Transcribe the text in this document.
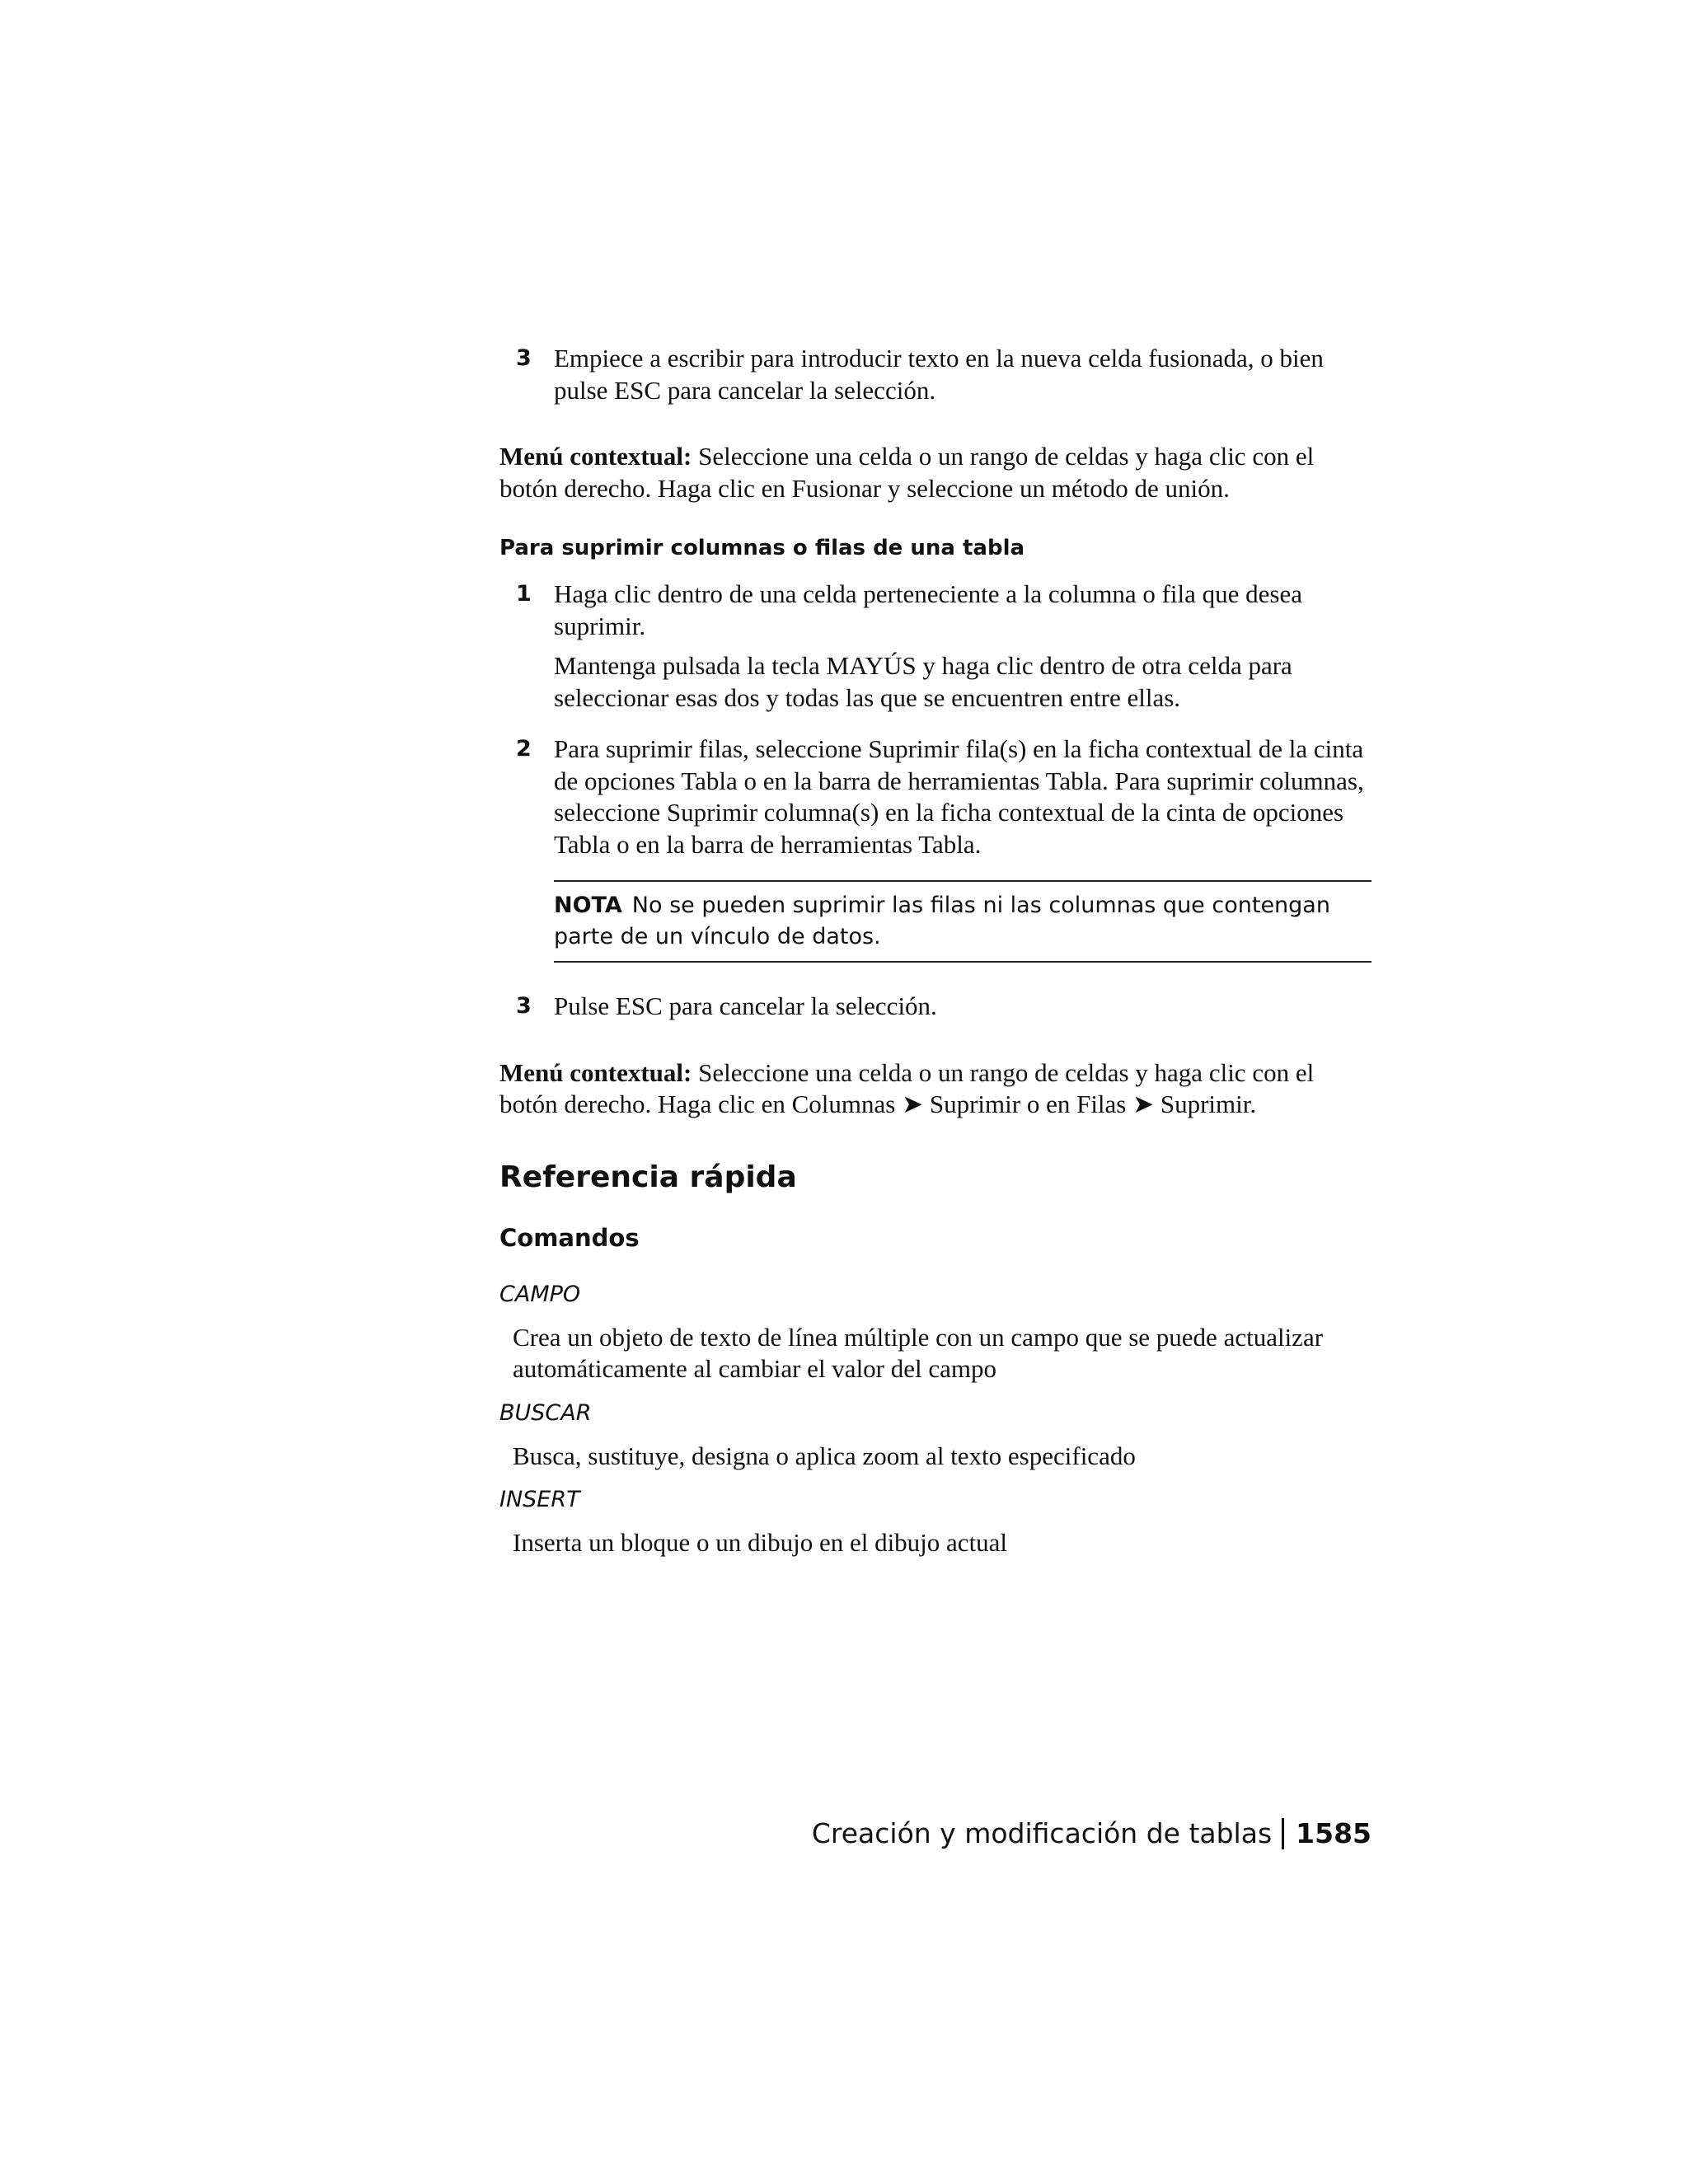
3 Empiece a escribir para introducir texto en la nueva celda fusionada, o bien pulse ESC para cancelar la selección.

Menú contextual: Seleccione una celda o un rango de celdas y haga clic con el botón derecho. Haga clic en Fusionar y seleccione un método de unión.

Para suprimir columnas o filas de una tabla

1 Haga clic dentro de una celda perteneciente a la columna o fila que desea suprimir.

Mantenga pulsada la tecla MAYÚS y haga clic dentro de otra celda para seleccionar esas dos y todas las que se encuentren entre ellas.

2 Para suprimir filas, seleccione Suprimir fila(s) en la ficha contextual de la cinta de opciones Tabla o en la barra de herramientas Tabla. Para suprimir columnas, seleccione Suprimir columna(s) en la ficha contextual de la cinta de opciones Tabla o en la barra de herramientas Tabla.

NOTA No se pueden suprimir las filas ni las columnas que contengan parte de un vínculo de datos.
3 Pulse ESC para cancelar la selección.

Menú contextual: Seleccione una celda o un rango de celdas y haga clic con el botón derecho. Haga clic en Columnas ➤ Suprimir o en Filas ➤ Suprimir.

Referencia rápida
Comandos

CAMPO

Crea un objeto de texto de línea múltiple con un campo que se puede actualizar automáticamente al cambiar el valor del campo

BUSCAR

Busca, sustituye, designa o aplica zoom al texto especificado

INSERT

Inserta un bloque o un dibujo en el dibujo actual

Creación y modificación de tablas 1585
